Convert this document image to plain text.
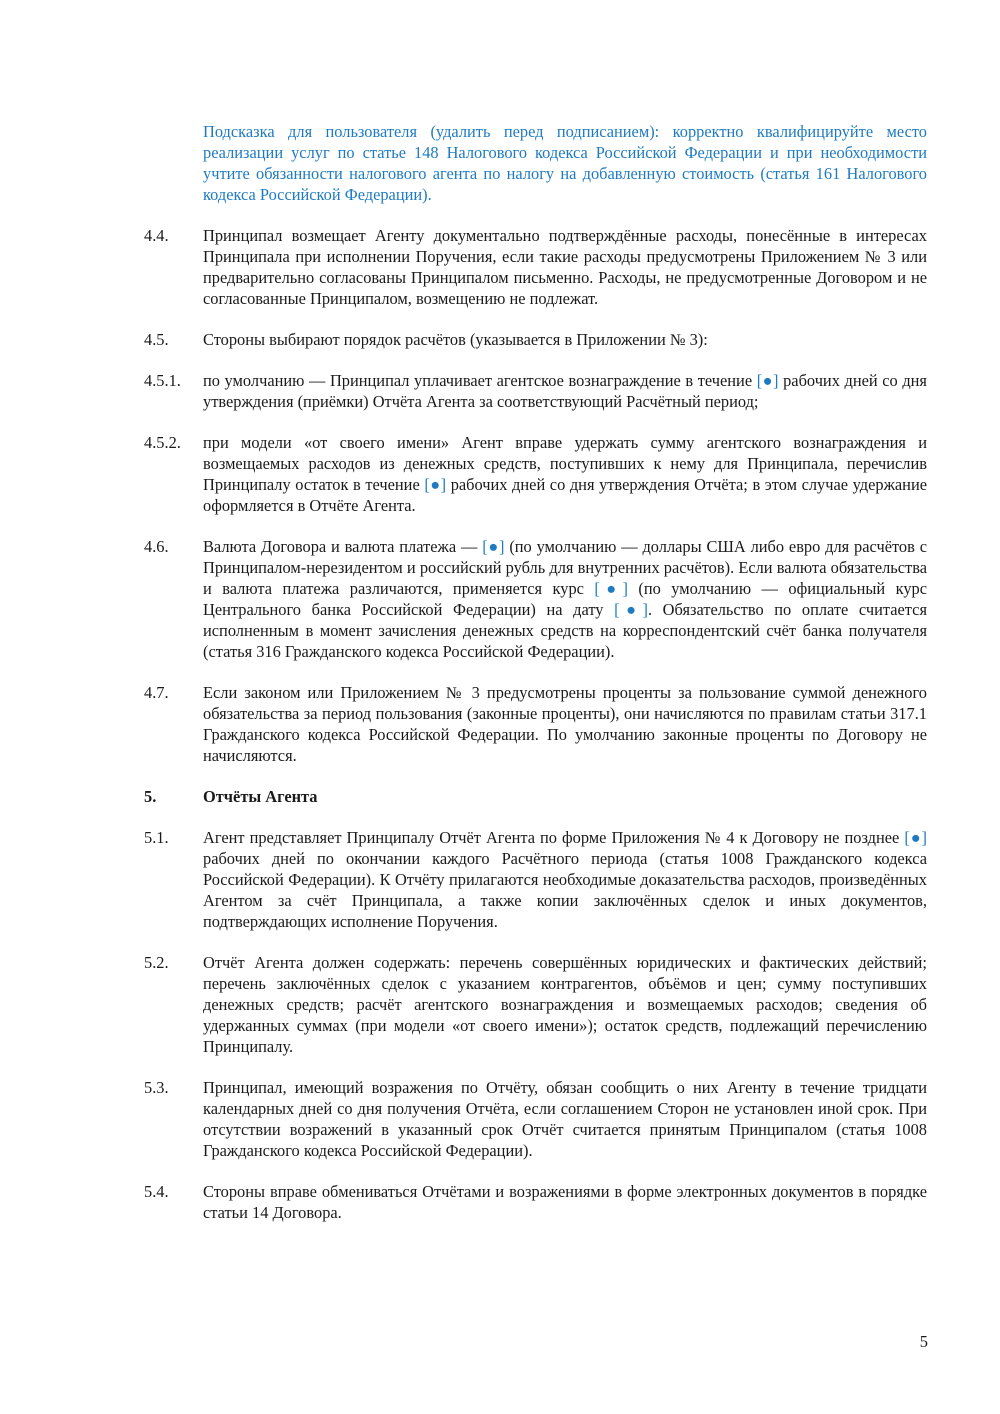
Подсказка для пользователя (удалить перед подписанием): корректно квалифицируйте место реализации услуг по статье 148 Налогового кодекса Российской Федерации и при необходимости учтите обязанности налогового агента по налогу на добавленную стоимость (статья 161 Налогового кодекса Российской Федерации).
4.4.	Принципал возмещает Агенту документально подтверждённые расходы, понесённые в интересах Принципала при исполнении Поручения, если такие расходы предусмотрены Приложением № 3 или предварительно согласованы Принципалом письменно. Расходы, не предусмотренные Договором и не согласованные Принципалом, возмещению не подлежат.
4.5.	Стороны выбирают порядок расчётов (указывается в Приложении № 3):
4.5.1.	по умолчанию — Принципал уплачивает агентское вознаграждение в течение [●] рабочих дней со дня утверждения (приёмки) Отчёта Агента за соответствующий Расчётный период;
4.5.2.	при модели «от своего имени» Агент вправе удержать сумму агентского вознаграждения и возмещаемых расходов из денежных средств, поступивших к нему для Принципала, перечислив Принципалу остаток в течение [●] рабочих дней со дня утверждения Отчёта; в этом случае удержание оформляется в Отчёте Агента.
4.6.	Валюта Договора и валюта платежа — [●] (по умолчанию — доллары США либо евро для расчётов с Принципалом-нерезидентом и российский рубль для внутренних расчётов). Если валюта обязательства и валюта платежа различаются, применяется курс [●] (по умолчанию — официальный курс Центрального банка Российской Федерации) на дату [●]. Обязательство по оплате считается исполненным в момент зачисления денежных средств на корреспондентский счёт банка получателя (статья 316 Гражданского кодекса Российской Федерации).
4.7.	Если законом или Приложением № 3 предусмотрены проценты за пользование суммой денежного обязательства за период пользования (законные проценты), они начисляются по правилам статьи 317.1 Гражданского кодекса Российской Федерации. По умолчанию законные проценты по Договору не начисляются.
5.	Отчёты Агента
5.1.	Агент представляет Принципалу Отчёт Агента по форме Приложения № 4 к Договору не позднее [●] рабочих дней по окончании каждого Расчётного периода (статья 1008 Гражданского кодекса Российской Федерации). К Отчёту прилагаются необходимые доказательства расходов, произведённых Агентом за счёт Принципала, а также копии заключённых сделок и иных документов, подтверждающих исполнение Поручения.
5.2.	Отчёт Агента должен содержать: перечень совершённых юридических и фактических действий; перечень заключённых сделок с указанием контрагентов, объёмов и цен; сумму поступивших денежных средств; расчёт агентского вознаграждения и возмещаемых расходов; сведения об удержанных суммах (при модели «от своего имени»); остаток средств, подлежащий перечислению Принципалу.
5.3.	Принципал, имеющий возражения по Отчёту, обязан сообщить о них Агенту в течение тридцати календарных дней со дня получения Отчёта, если соглашением Сторон не установлен иной срок. При отсутствии возражений в указанный срок Отчёт считается принятым Принципалом (статья 1008 Гражданского кодекса Российской Федерации).
5.4.	Стороны вправе обмениваться Отчётами и возражениями в форме электронных документов в порядке статьи 14 Договора.
5
